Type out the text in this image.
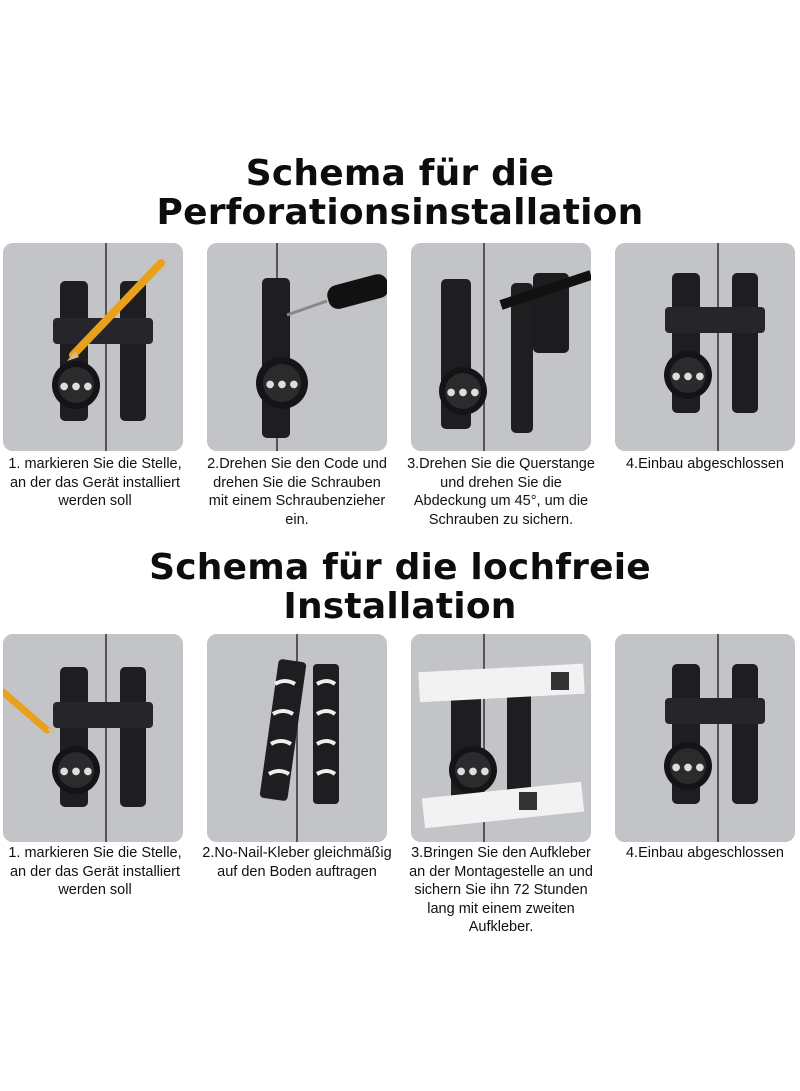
Schema für die
Perforationsinstallation
● ● ●	● ● ●
● ● ●
● ● ●
1. markieren Sie die Stelle, an der das Gerät installiert werden soll
2.Drehen Sie den Code und drehen Sie die Schrauben mit einem Schraubenzieher ein.
3.Drehen Sie die Querstange und drehen Sie die Abdeckung um 45°, um die Schrauben zu sichern.
4.Einbau abgeschlossen
Schema für die lochfreie
Installation
● ● ●	● ● ●	● ● ●
1. markieren Sie die Stelle, an der das Gerät installiert werden soll
2.No-Nail-Kleber gleichmäßig auf den Boden auftragen
3.Bringen Sie den Aufkleber an der Montagestelle an und sichern Sie ihn 72 Stunden lang mit einem zweiten Aufkleber.
4.Einbau abgeschlossen
